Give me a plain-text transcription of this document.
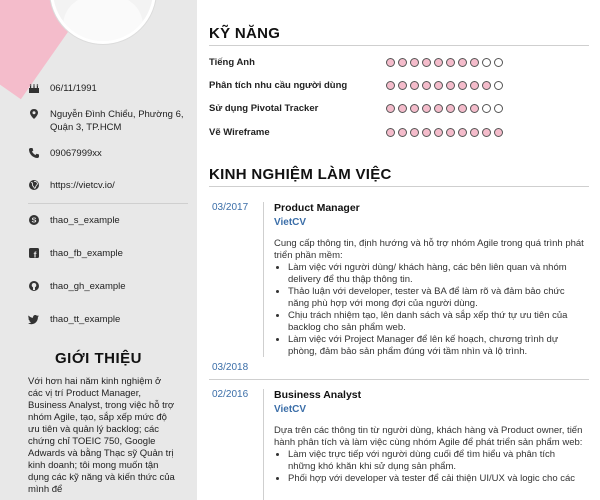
06/11/1991
Nguyễn Đình Chiểu, Phường 6, Quận 3, TP.HCM
09067999xx
https://vietcv.io/
S thao_s_example
f thao_fb_example
thao_gh_example
thao_tt_example
GIỚI THIỆU
Với hơn hai năm kinh nghiệm ở các vị trí Product Manager, Business Analyst, trong việc hỗ trợ nhóm Agile, tạo, sắp xếp mức độ ưu tiên và quản lý backlog; các chứng chỉ TOEIC 750, Google Adwards và bằng Thạc sỹ Quản trị kinh doanh; tôi mong muốn tận dụng các kỹ năng và kiến thức của mình để
KỸ NĂNG
Tiếng Anh
Phân tích nhu cầu người dùng
Sử dụng Pivotal Tracker
Vẽ Wireframe
KINH NGHIỆM LÀM VIỆC
03/2017
03/2018
Product Manager
VietCV
Cung cấp thông tin, định hướng và hỗ trợ nhóm Agile trong quá trình phát triển phần mềm:
• Làm việc với người dùng/ khách hàng, các bên liên quan và nhóm delivery để thu thập thông tin.
• Thảo luận với developer, tester và BA để làm rõ và đảm bảo chức năng phù hợp với mong đợi của người dùng.
• Chịu trách nhiệm tạo, lên danh sách và sắp xếp thứ tự ưu tiên của backlog cho sản phẩm web.
• Làm việc với Project Manager để lên kế hoạch, chương trình dự phòng, đảm bảo sản phẩm đúng với tầm nhìn và lộ trình.
02/2016 Business Analyst
VietCV
Dựa trên các thông tin từ người dùng, khách hàng và Product owner, tiến hành phân tích và làm việc cùng nhóm Agile để phát triển sản phẩm web:
• Làm việc trực tiếp với người dùng cuối để tìm hiểu và phân tích những khó khăn khi sử dụng sản phẩm.
• Phối hợp với developer và tester để cải thiện UI/UX và logic cho các
